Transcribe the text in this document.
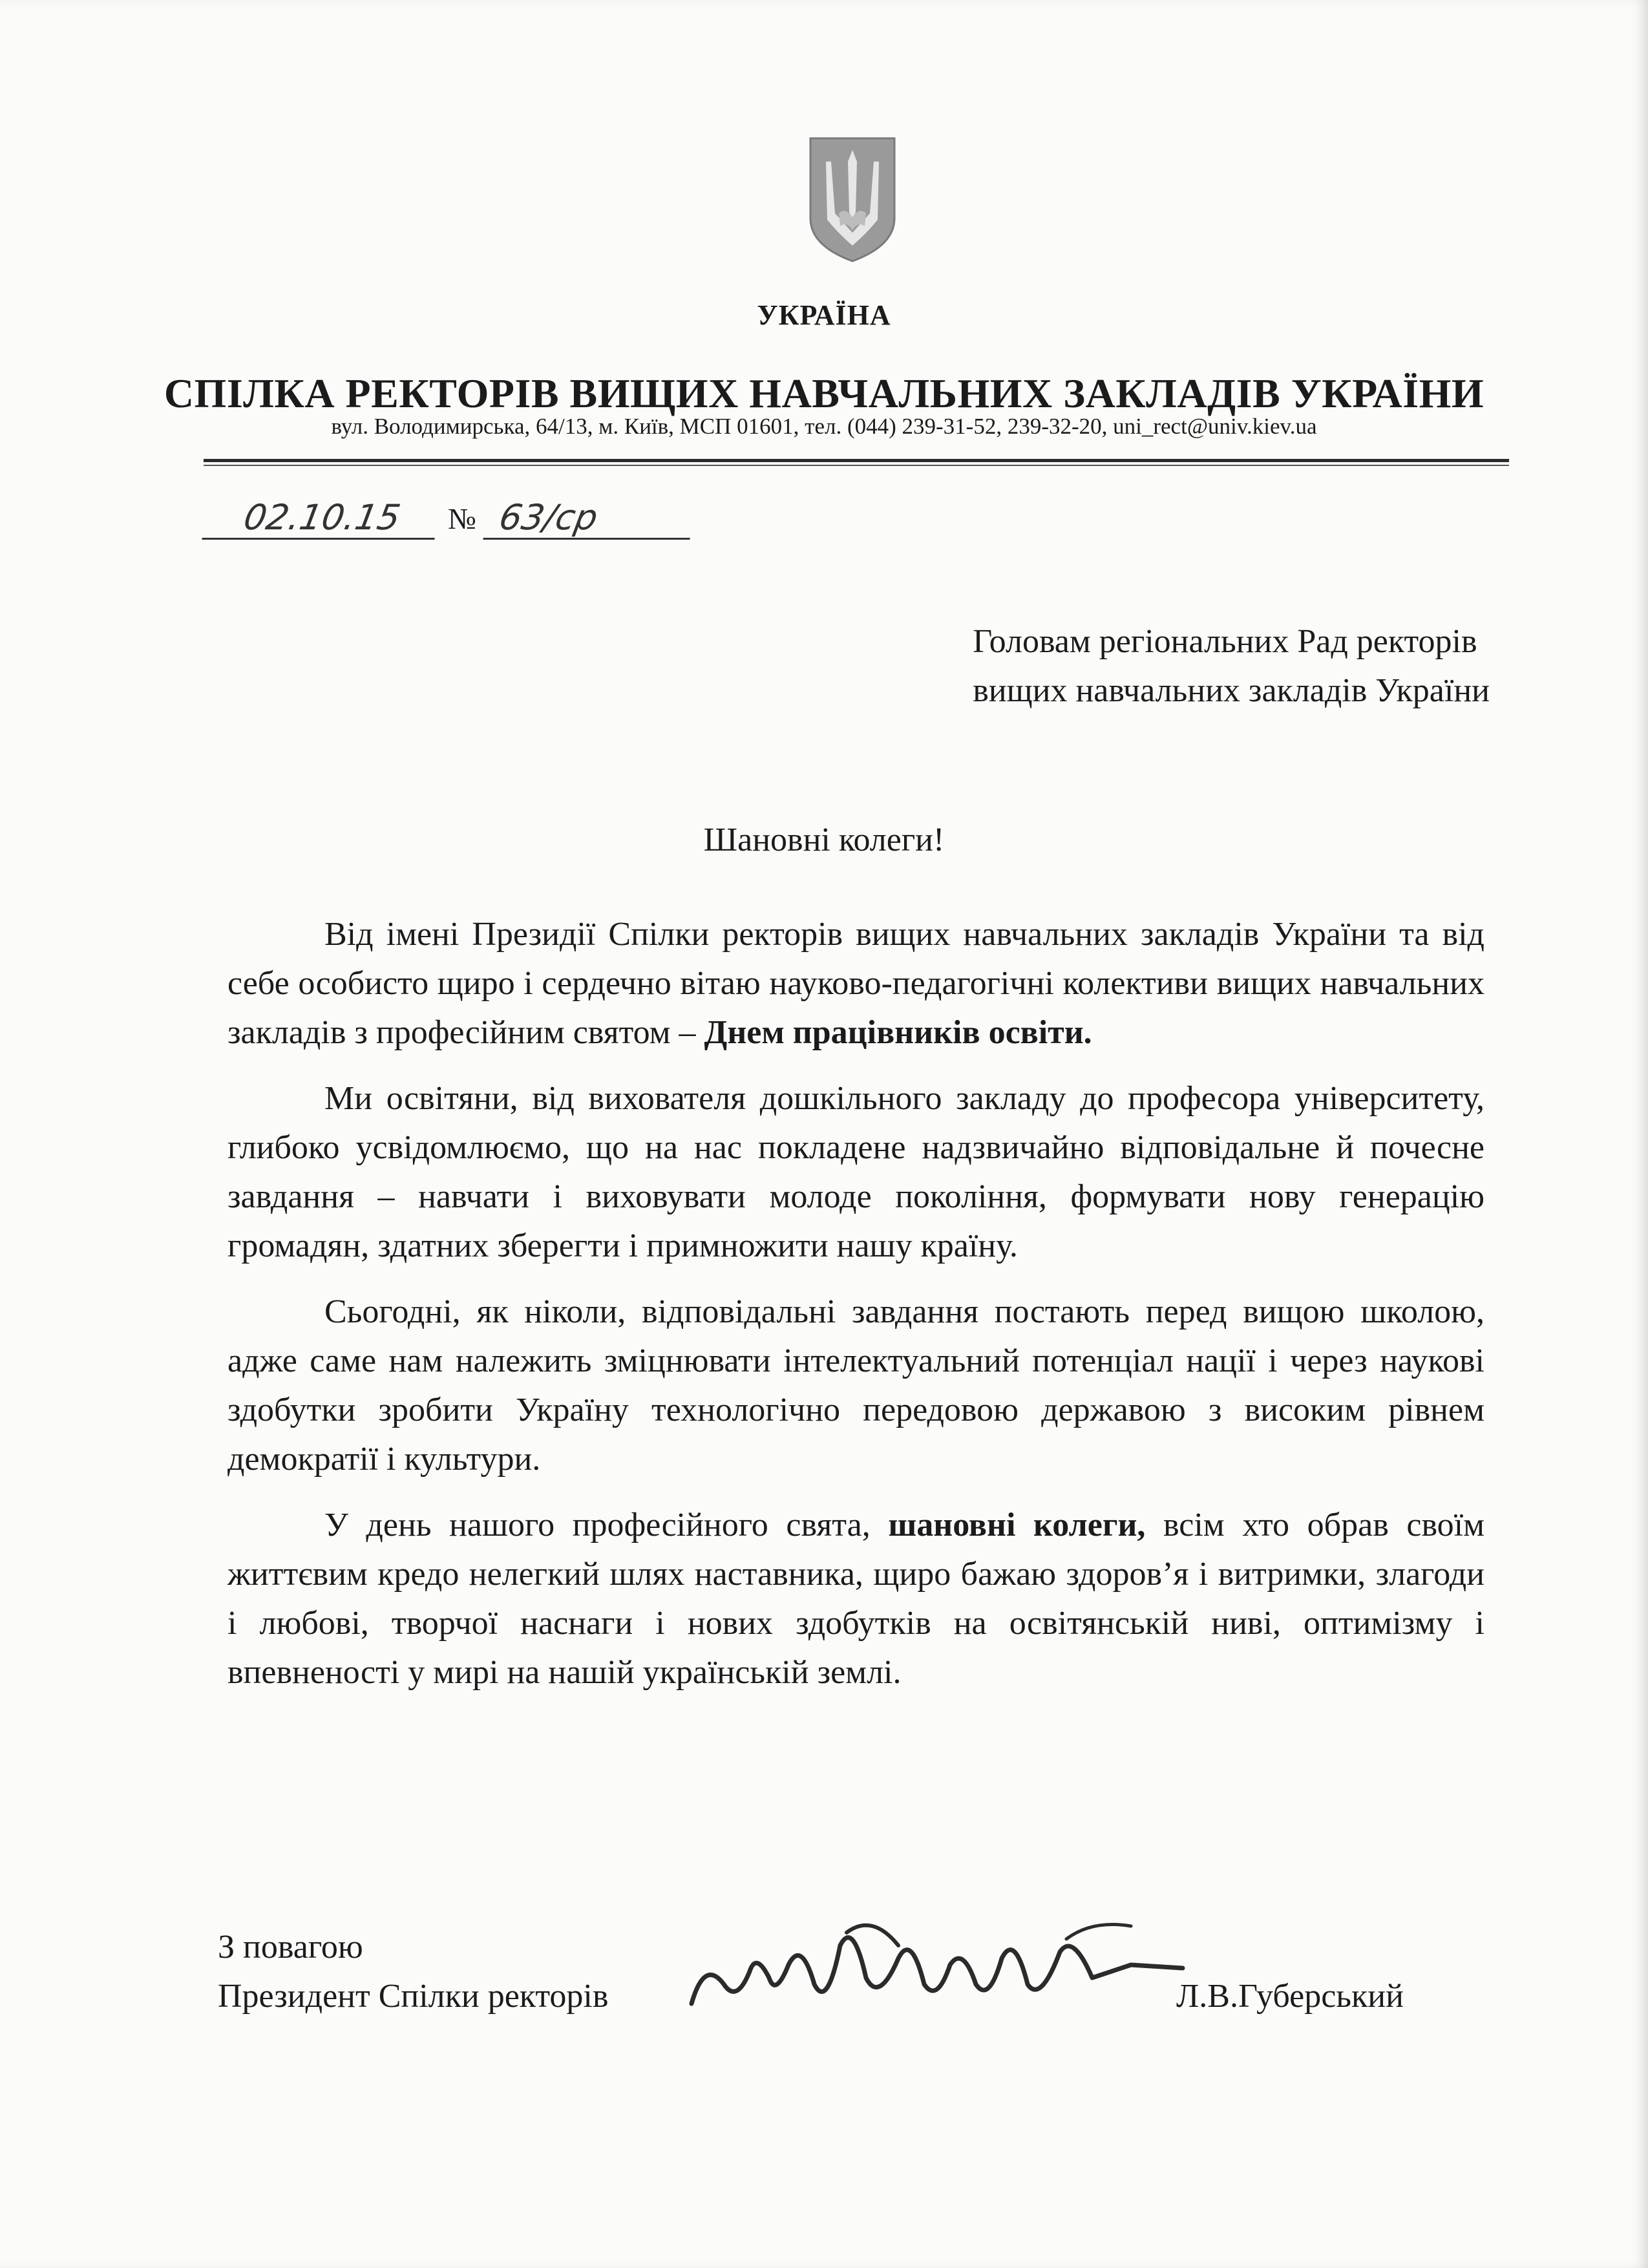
УКРАЇНА
СПІЛКА РЕКТОРІВ ВИЩИХ НАВЧАЛЬНИХ ЗАКЛАДІВ УКРАЇНИ
вул. Володимирська, 64/13, м. Київ, МСП 01601, тел. (044) 239-31-52, 239-32-20, uni_rect@univ.kiev.ua
02.10.15	№ 63/ср
Головам регіональних Рад ректорів
вищих навчальних закладів України
Шановні колеги!

Від імені Президії Спілки ректорів вищих навчальних закладів України та від себе особисто щиро і сердечно вітаю науково-педагогічні колективи вищих навчальних закладів з професійним святом – Днем працівників освіти.

Ми освітяни, від вихователя дошкільного закладу до професора університету, глибоко усвідомлюємо, що на нас покладене надзвичайно відповідальне й почесне завдання – навчати і виховувати молоде покоління, формувати нову генерацію громадян, здатних зберегти і примножити нашу країну.

Сьогодні, як ніколи, відповідальні завдання постають перед вищою школою, адже саме нам належить зміцнювати інтелектуальний потенціал нації і через наукові здобутки зробити Україну технологічно передовою державою з високим рівнем демократії і культури.

У день нашого професійного свята, шановні колеги, всім хто обрав своїм життєвим кредо нелегкий шлях наставника, щиро бажаю здоров’я і витримки, злагоди і любові, творчої наснаги і нових здобутків на освітянській ниві, оптимізму і впевненості у мирі на нашій українській землі.

З повагою
Президент Спілки ректорів	Л.В.Губерський
